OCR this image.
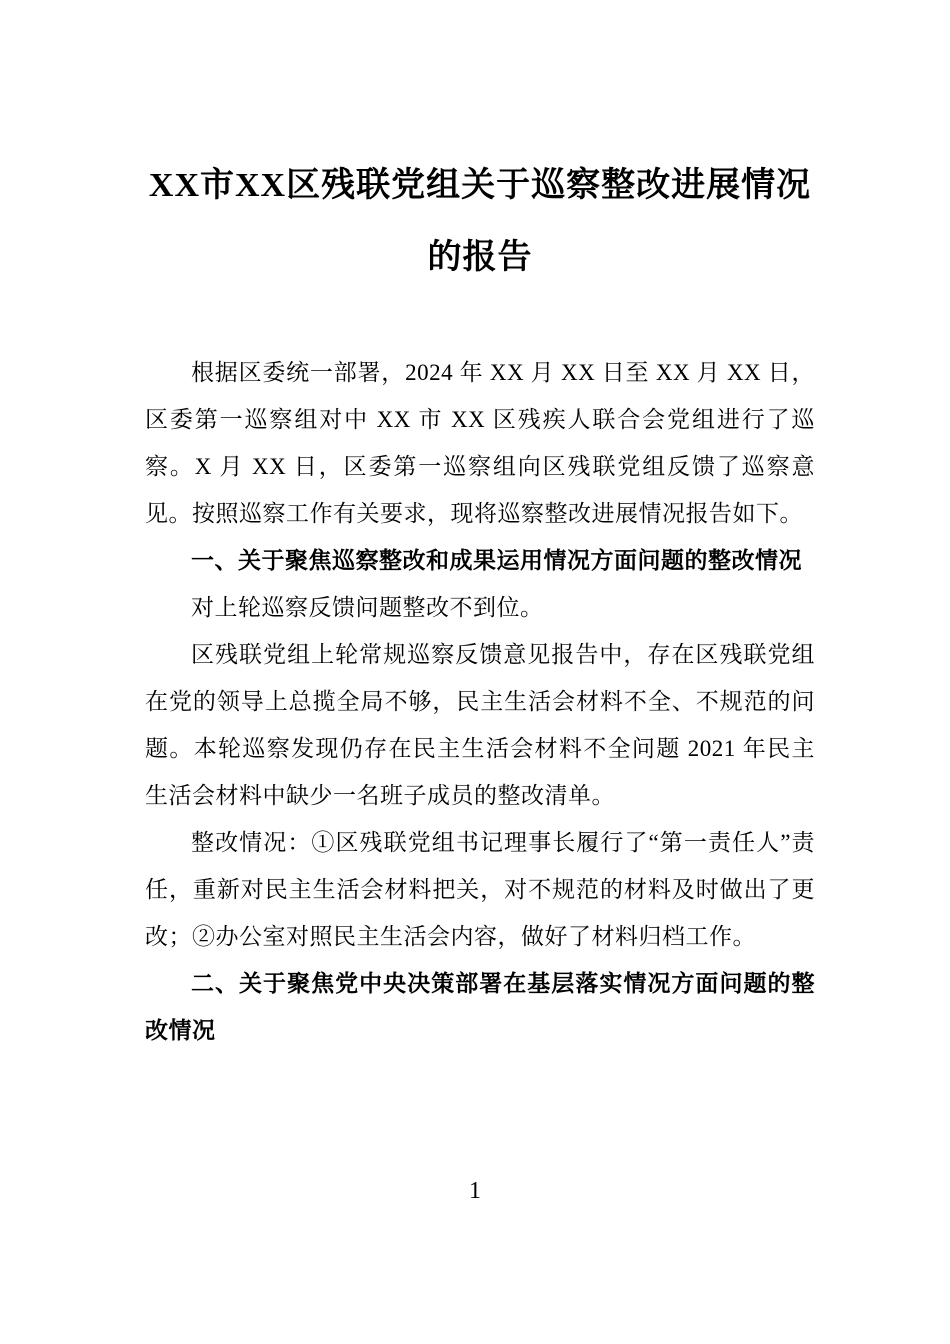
XX市XX区残联党组关于巡察整改进展情况的报告

根据区委统一部署，2024 年 XX 月 XX 日至 XX 月 XX 日，区委第一巡察组对中 XX 市 XX 区残疾人联合会党组进行了巡察。X 月 XX 日，区委第一巡察组向区残联党组反馈了巡察意见。按照巡察工作有关要求，现将巡察整改进展情况报告如下。

一、关于聚焦巡察整改和成果运用情况方面问题的整改情况

对上轮巡察反馈问题整改不到位。

区残联党组上轮常规巡察反馈意见报告中，存在区残联党组在党的领导上总揽全局不够，民主生活会材料不全、不规范的问题。本轮巡察发现仍存在民主生活会材料不全问题 2021 年民主生活会材料中缺少一名班子成员的整改清单。

整改情况：①区残联党组书记理事长履行了“第一责任人”责任，重新对民主生活会材料把关，对不规范的材料及时做出了更改；②办公室对照民主生活会内容，做好了材料归档工作。

二、关于聚焦党中央决策部署在基层落实情况方面问题的整改情况

1
